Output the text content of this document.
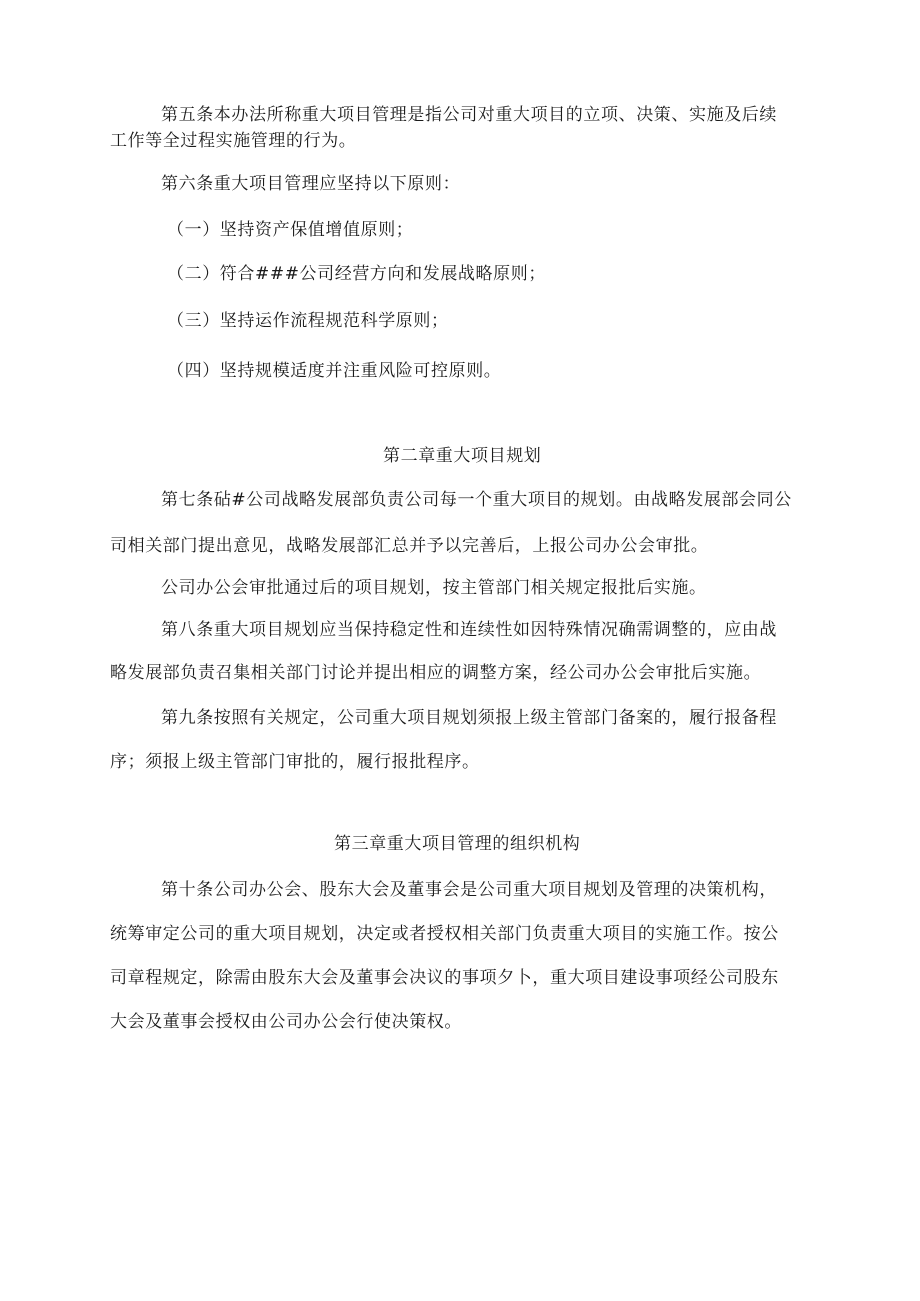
第五条本办法所称重大项目管理是指公司对重大项目的立项、决策、实施及后续
工作等全过程实施管理的行为。
第六条重大项目管理应坚持以下原则：
（一）坚持资产保值增值原则；
（二）符合###公司经营方向和发展战略原则；
（三）坚持运作流程规范科学原则；
（四）坚持规模适度并注重风险可控原则。
第二章重大项目规划
第七条砧#公司战略发展部负责公司每一个重大项目的规划。由战略发展部会同公
司相关部门提出意见，战略发展部汇总并予以完善后，上报公司办公会审批。
公司办公会审批通过后的项目规划，按主管部门相关规定报批后实施。
第八条重大项目规划应当保持稳定性和连续性如因特殊情况确需调整的，应由战
略发展部负责召集相关部门讨论并提出相应的调整方案，经公司办公会审批后实施。
第九条按照有关规定，公司重大项目规划须报上级主管部门备案的，履行报备程
序；须报上级主管部门审批的，履行报批程序。
第三章重大项目管理的组织机构
第十条公司办公会、股东大会及董事会是公司重大项目规划及管理的决策机构，
统筹审定公司的重大项目规划，决定或者授权相关部门负责重大项目的实施工作。按公
司章程规定，除需由股东大会及董事会决议的事项夕卜，重大项目建设事项经公司股东
大会及董事会授权由公司办公会行使决策权。
